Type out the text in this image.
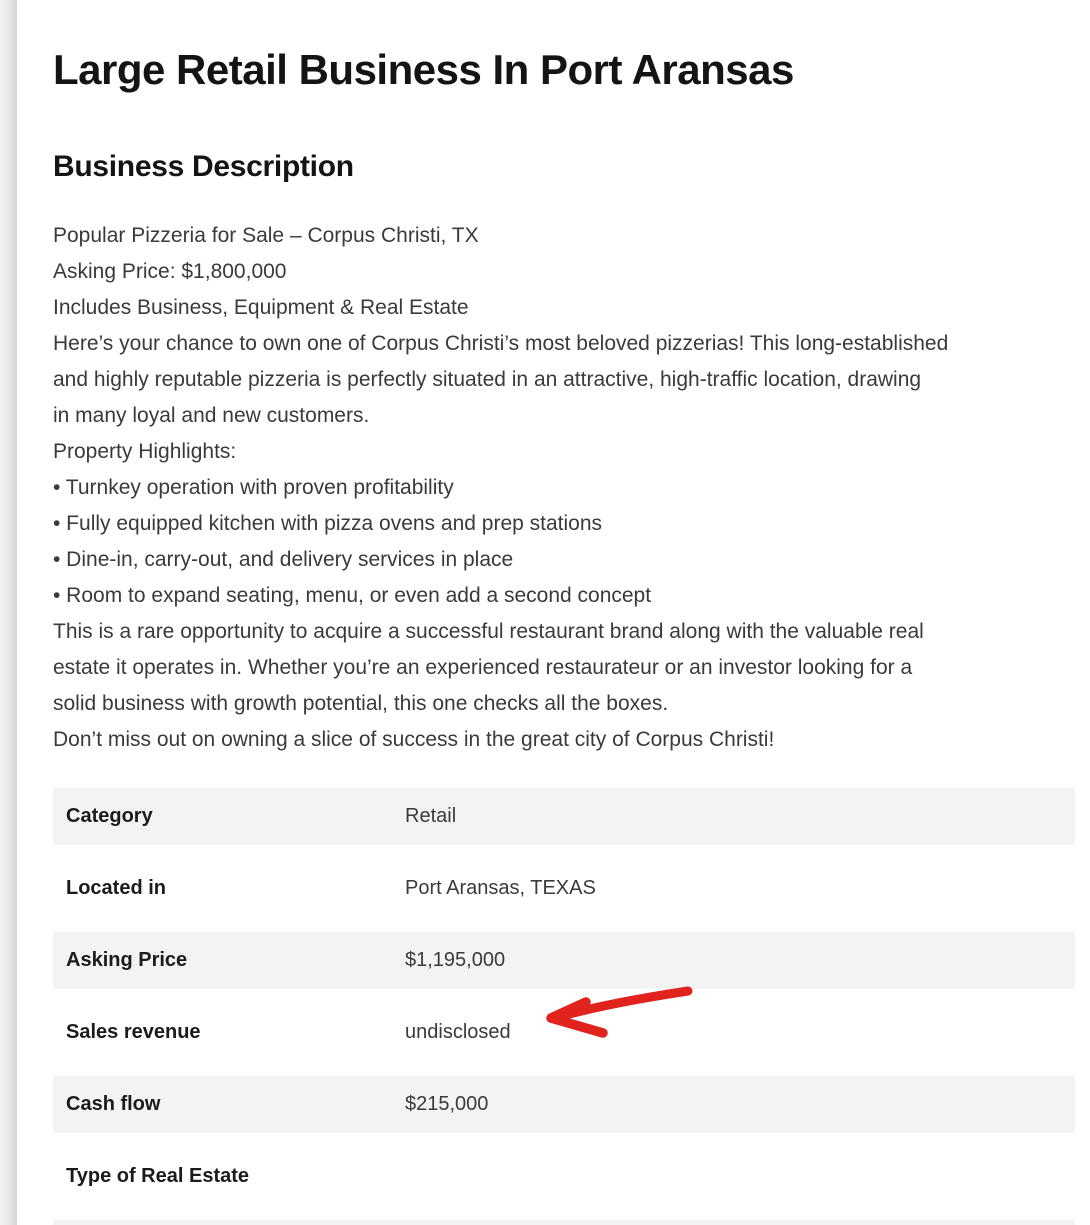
Large Retail Business In Port Aransas
Business Description
Popular Pizzeria for Sale – Corpus Christi, TX
Asking Price: $1,800,000
Includes Business, Equipment & Real Estate
Here’s your chance to own one of Corpus Christi’s most beloved pizzerias! This long-established
and highly reputable pizzeria is perfectly situated in an attractive, high-traffic location, drawing
in many loyal and new customers.
Property Highlights:
• Turnkey operation with proven profitability
• Fully equipped kitchen with pizza ovens and prep stations
• Dine-in, carry-out, and delivery services in place
• Room to expand seating, menu, or even add a second concept
This is a rare opportunity to acquire a successful restaurant brand along with the valuable real
estate it operates in. Whether you’re an experienced restaurateur or an investor looking for a
solid business with growth potential, this one checks all the boxes.
Don’t miss out on owning a slice of success in the great city of Corpus Christi!
Category	Retail
Located in	Port Aransas, TEXAS
Asking Price	$1,195,000
Sales revenue	undisclosed
Cash flow	$215,000
Type of Real Estate
